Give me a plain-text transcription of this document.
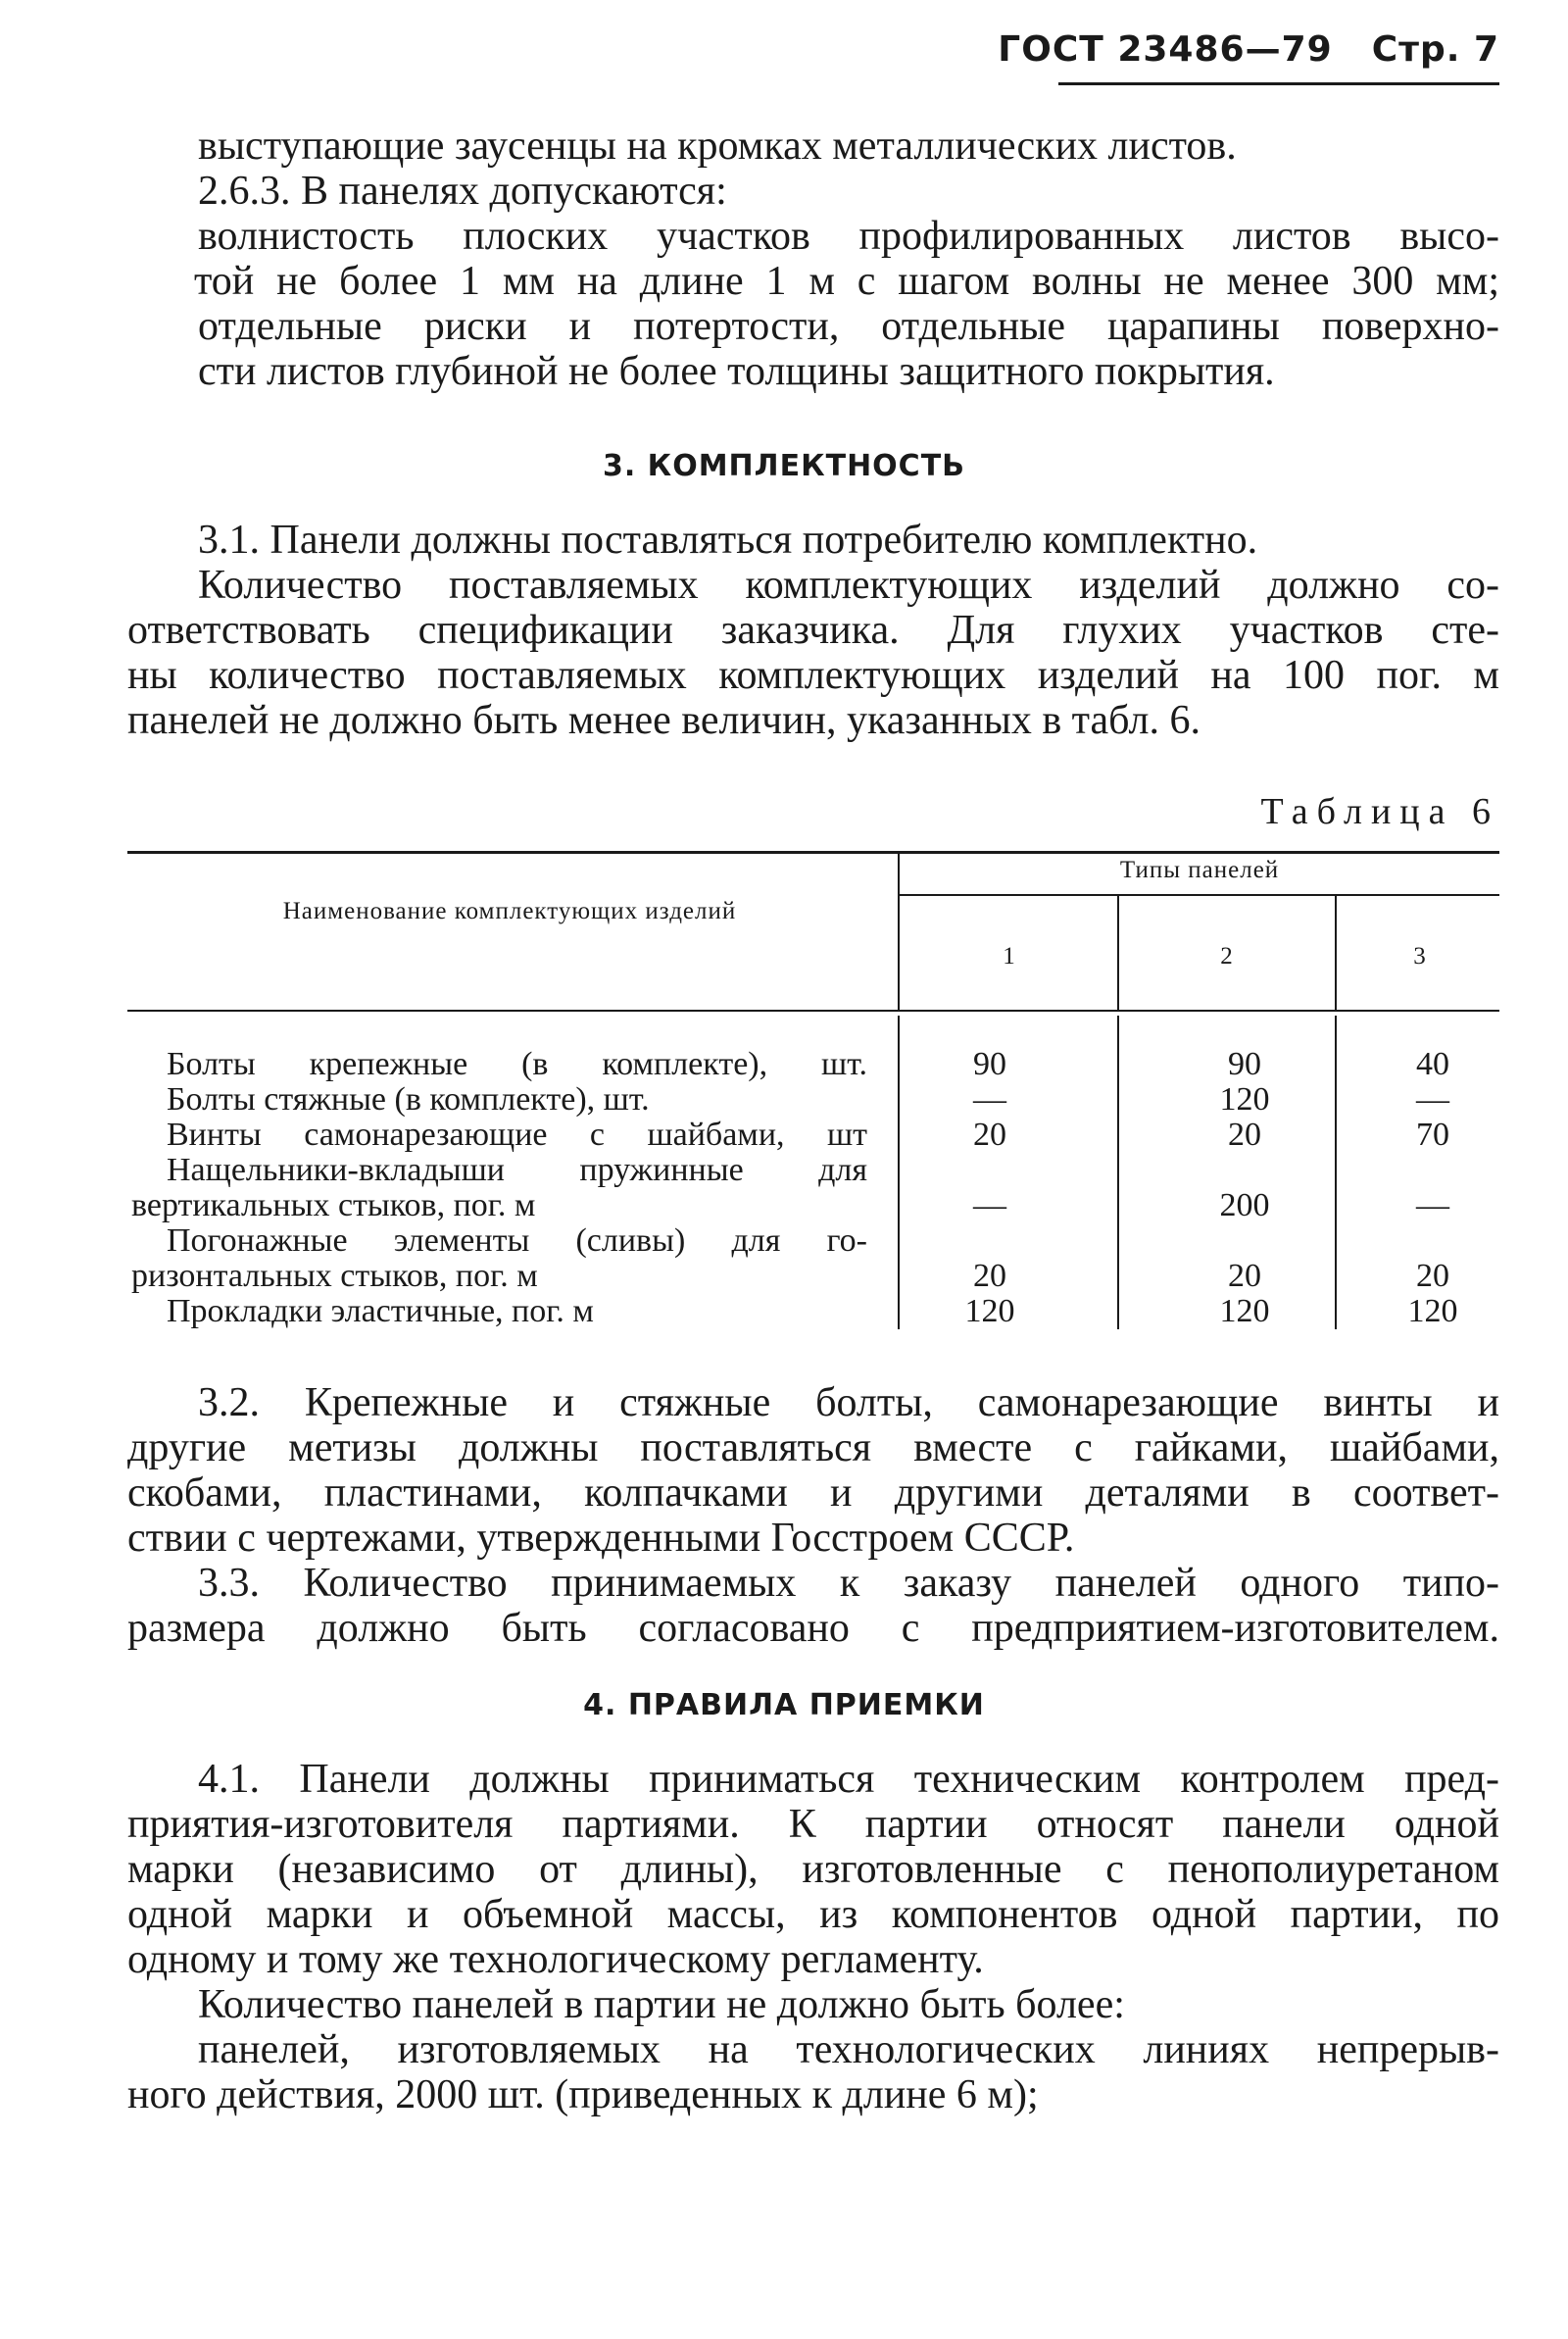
ГОСТ 23486—79 Стр. 7
выступающие заусенцы на кромках металлических листов.
2.6.3. В панелях допускаются:
волнистость плоских участков профилированных листов высо-
той не более 1 мм на длине 1 м с шагом волны не менее 300 мм;
отдельные риски и потертости, отдельные царапины поверхно-
сти листов глубиной не более толщины защитного покрытия.
3. КОМПЛЕКТНОСТЬ
3.1. Панели должны поставляться потребителю комплектно.
Количество поставляемых комплектующих изделий должно со-
ответствовать спецификации заказчика. Для глухих участков сте-
ны количество поставляемых комплектующих изделий на 100 пог. м
панелей не должно быть менее величин, указанных в табл. 6.
Таблица 6
Наименование комплектующих изделий
Типы панелей
1	2	3
Болты крепежные (в комплекте), шт.	90	90	40
Болты стяжные (в комплекте), шт.	—	120	—
Винты самонарезающие с шайбами, шт	20	20	70
Нащельники-вкладыши пружинные для
вертикальных стыков, пог. м	—	200	—
Погонажные элементы (сливы) для го-
ризонтальных стыков, пог. м	20	20	20
Прокладки эластичные, пог. м	120	120	120
3.2. Крепежные и стяжные болты, самонарезающие винты и
другие метизы должны поставляться вместе с гайками, шайбами,
скобами, пластинами, колпачками и другими деталями в соответ-
ствии с чертежами, утвержденными Госстроем СССР.
3.3. Количество принимаемых к заказу панелей одного типо-
размера должно быть согласовано с предприятием-изготовителем.
4. ПРАВИЛА ПРИЕМКИ
4.1. Панели должны приниматься техническим контролем пред-
приятия-изготовителя партиями. К партии относят панели одной
марки (независимо от длины), изготовленные с пенополиуретаном
одной марки и объемной массы, из компонентов одной партии, по
одному и тому же технологическому регламенту.
Количество панелей в партии не должно быть более:
панелей, изготовляемых на технологических линиях непрерыв-
ного действия, 2000 шт. (приведенных к длине 6 м);
